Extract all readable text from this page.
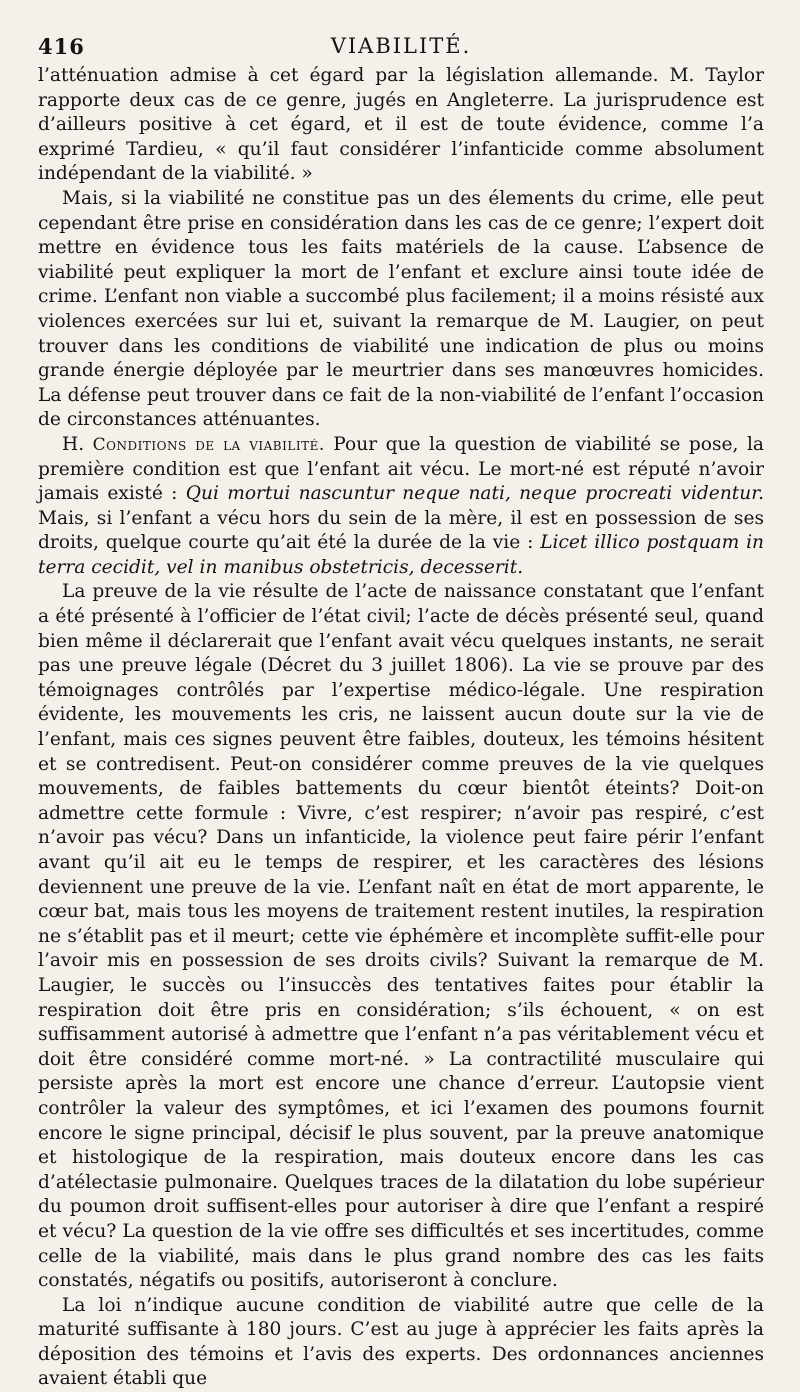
416	VIABILITÉ.

l’atténuation admise à cet égard par la législation allemande. M. Taylor rapporte deux cas de ce genre, jugés en Angleterre. La jurisprudence est d’ailleurs positive à cet égard, et il est de toute évidence, comme l’a exprimé Tardieu, « qu’il faut considérer l’infanticide comme absolument indépendant de la viabilité. »

Mais, si la viabilité ne constitue pas un des élements du crime, elle peut cependant être prise en considération dans les cas de ce genre; l’expert doit mettre en évidence tous les faits matériels de la cause. L’absence de viabilité peut expliquer la mort de l’enfant et exclure ainsi toute idée de crime. L’enfant non viable a succombé plus facilement; il a moins résisté aux violences exercées sur lui et, suivant la remarque de M. Laugier, on peut trouver dans les conditions de viabilité une indication de plus ou moins grande énergie déployée par le meurtrier dans ses manœuvres homicides. La défense peut trouver dans ce fait de la non-viabilité de l’enfant l’occasion de circonstances atténuantes.

H. Conditions de la viabilité. Pour que la question de viabilité se pose, la première condition est que l’enfant ait vécu. Le mort-né est réputé n’avoir jamais existé : Qui mortui nascuntur neque nati, neque procreati videntur. Mais, si l’enfant a vécu hors du sein de la mère, il est en possession de ses droits, quelque courte qu’ait été la durée de la vie : Licet illico postquam in terra cecidit, vel in manibus obstetricis, decesserit.

La preuve de la vie résulte de l’acte de naissance constatant que l’enfant a été présenté à l’officier de l’état civil; l’acte de décès présenté seul, quand bien même il déclarerait que l’enfant avait vécu quelques instants, ne serait pas une preuve légale (Décret du 3 juillet 1806). La vie se prouve par des témoignages contrôlés par l’expertise médico-légale. Une respiration évidente, les mouvements les cris, ne laissent aucun doute sur la vie de l’enfant, mais ces signes peuvent être faibles, douteux, les témoins hésitent et se contredisent. Peut-on considérer comme preuves de la vie quelques mouvements, de faibles battements du cœur bientôt éteints? Doit-on admettre cette formule : Vivre, c’est respirer; n’avoir pas respiré, c’est n’avoir pas vécu? Dans un infanticide, la violence peut faire périr l’enfant avant qu’il ait eu le temps de respirer, et les caractères des lésions deviennent une preuve de la vie. L’enfant naît en état de mort apparente, le cœur bat, mais tous les moyens de traitement restent inutiles, la respiration ne s’établit pas et il meurt; cette vie éphémère et incomplète suffit-elle pour l’avoir mis en possession de ses droits civils? Suivant la remarque de M. Laugier, le succès ou l’insuccès des tentatives faites pour établir la respiration doit être pris en considération; s’ils échouent, « on est suffisamment autorisé à admettre que l’enfant n’a pas véritablement vécu et doit être considéré comme mort-né. » La contractilité musculaire qui persiste après la mort est encore une chance d’erreur. L’autopsie vient contrôler la valeur des symptômes, et ici l’examen des poumons fournit encore le signe principal, décisif le plus souvent, par la preuve anatomique et histologique de la respiration, mais douteux encore dans les cas d’atélectasie pulmonaire. Quelques traces de la dilatation du lobe supérieur du poumon droit suffisent-elles pour autoriser à dire que l’enfant a respiré et vécu? La question de la vie offre ses difficultés et ses incertitudes, comme celle de la viabilité, mais dans le plus grand nombre des cas les faits constatés, négatifs ou positifs, autoriseront à conclure.

La loi n’indique aucune condition de viabilité autre que celle de la maturité suffisante à 180 jours. C’est au juge à apprécier les faits après la déposition des témoins et l’avis des experts. Des ordonnances anciennes avaient établi que
